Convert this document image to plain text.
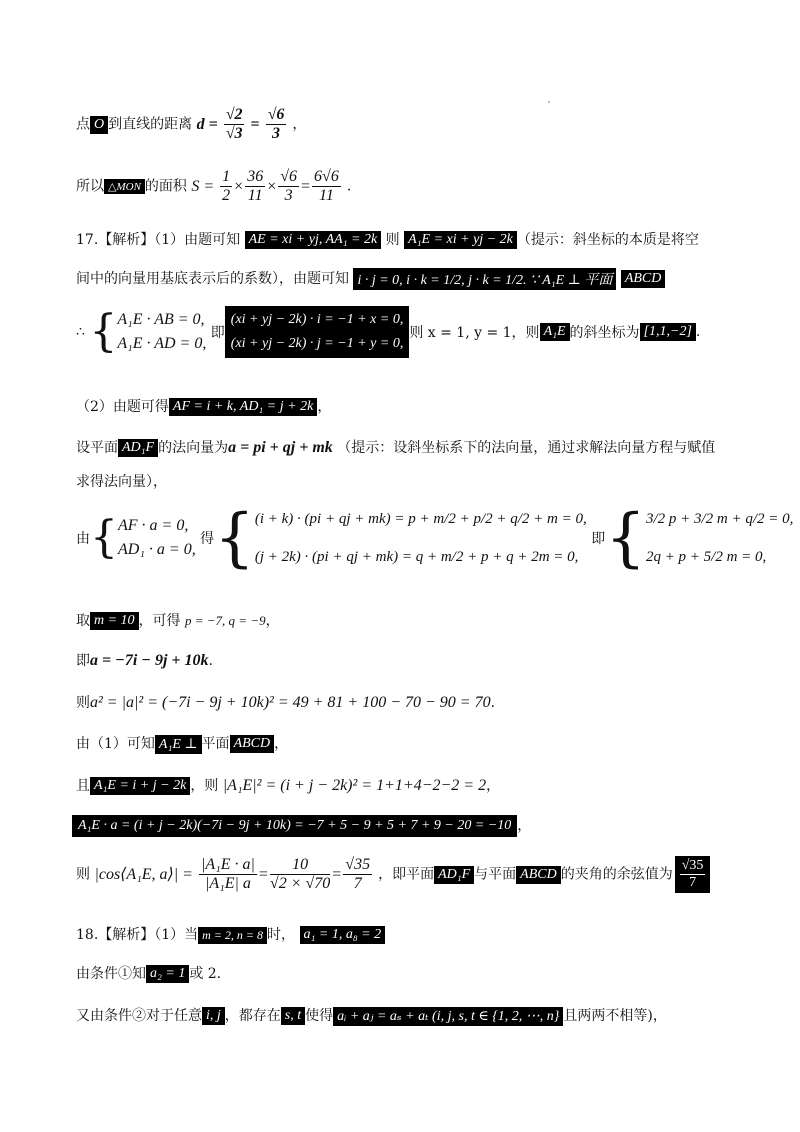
点 O 到直线的距离 $d = \frac{√2}{√3} = \frac{√6}{3}$ ，
所以 △MON 的面积 $S = \frac{1}{2} \times \frac{36}{11} \times \frac{√6}{3} = \frac{6√6}{11}$ .
17.【解析】（1）由题可知 AE = xi + yj, AA₁ = 2k 则 A₁E = xi + yj − 2k （提示：斜坐标的本质是将空
间中的向量用基底表示后的系数），由题可知 i · j = 0, i · k = 1/2, j · k = 1/2. ∵ A₁E ⊥ 平面 ABCD
∴ { A₁E · AB = 0,
A₁E · AD = 0,
即
(xi + yj − 2k) · i = −1 + x = 0,
(xi + yj − 2k) · j = −1 + y = 0,
则 x = 1, y = 1，则 A₁E 的斜坐标为 [1,1,−2] .
（2）由题可得 AF = i + k, AD₁ = j + 2k ，
设平面 AD₁F 的法向量为a = pi + qj + mk （提示：设斜坐标系下的法向量，通过求解法向量方程与赋值
求得法向量），
由{ AF · a = 0,
AD₁ · a = 0,
得{ (i + k) · (pi + qj + mk) = p + m/2 + p/2 + q/2 + m = 0,
(j + 2k) · (pi + qj + mk) = q + m/2 + p + q + 2m = 0,
即{ 3/2 p + 3/2 m + q/2 = 0,
2q + p + 5/2 m = 0,
取 m = 10 ，可得 p = −7, q = −9，
即a = −7i − 9j + 10k.
则a² = |a|² = (−7i − 9j + 10k)² = 49 + 81 + 100 − 70 − 90 = 70.
由（1）可知 A₁E ⊥ 平面 ABCD ，
且 A₁E = i + j − 2k ，则 |A₁E|² = (i + j − 2k)² = 1+1+4−2−2 = 2，
A₁E · a = (i + j − 2k)(−7i − 9j + 10k) = −7 + 5 − 9 + 5 + 7 + 9 − 20 = −10 ，
则 |cos⟨A₁E, a⟩| = $\frac{\text{|A₁E · a|}}{\text{|A₁E| a}} = \frac{10}{√2 \times √70} = \frac{√35}{7}$ ，即平面 AD₁F 与平面 ABCD 的夹角的余弦值为 $\frac{√35}{7}$
18.【解析】（1）当 m = 2, n = 8 时， a₁ = 1, a₈ = 2
由条件①知 a₂ = 1 或 2.
又由条件②对于任意 i, j ，都存在 s, t 使得 aᵢ + aⱼ = aₛ + aₜ (i, j, s, t ∈ {1, 2, ⋯, n} 且两两不相等)，
